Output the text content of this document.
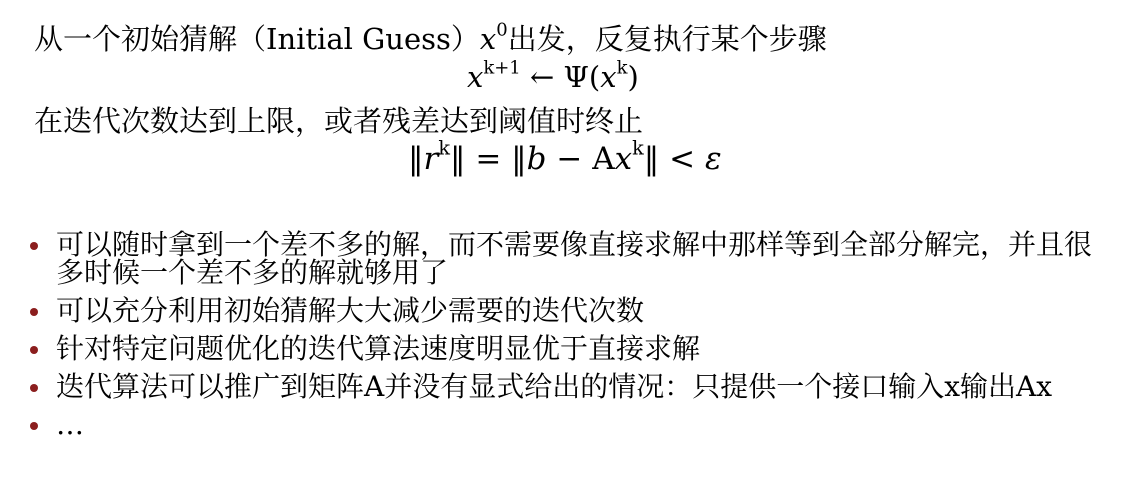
从一个初始猜解（Initial $Guess)x^0$出发，反复执行某个步骤
$x^{k+1}$ ← $\Psi(x^k)$
在迭代次数达到上限，或者残差达到阈值时终止
$‖r^k‖$ = ‖b − $Ax^k‖ < \varepsilon$
可以随时拿到一个差不多的解，而不需要像直接求解中那样等到全部分解完，并且很多时候一个差不多的解就够用了
可以充分利用初始猜解大大减少需要的迭代次数
针对特定问题优化的迭代算法速度明显优于直接求解
迭代算法可以推广到矩阵A并没有显式给出的情况：只提供一个接口输入x输出Ax
…
